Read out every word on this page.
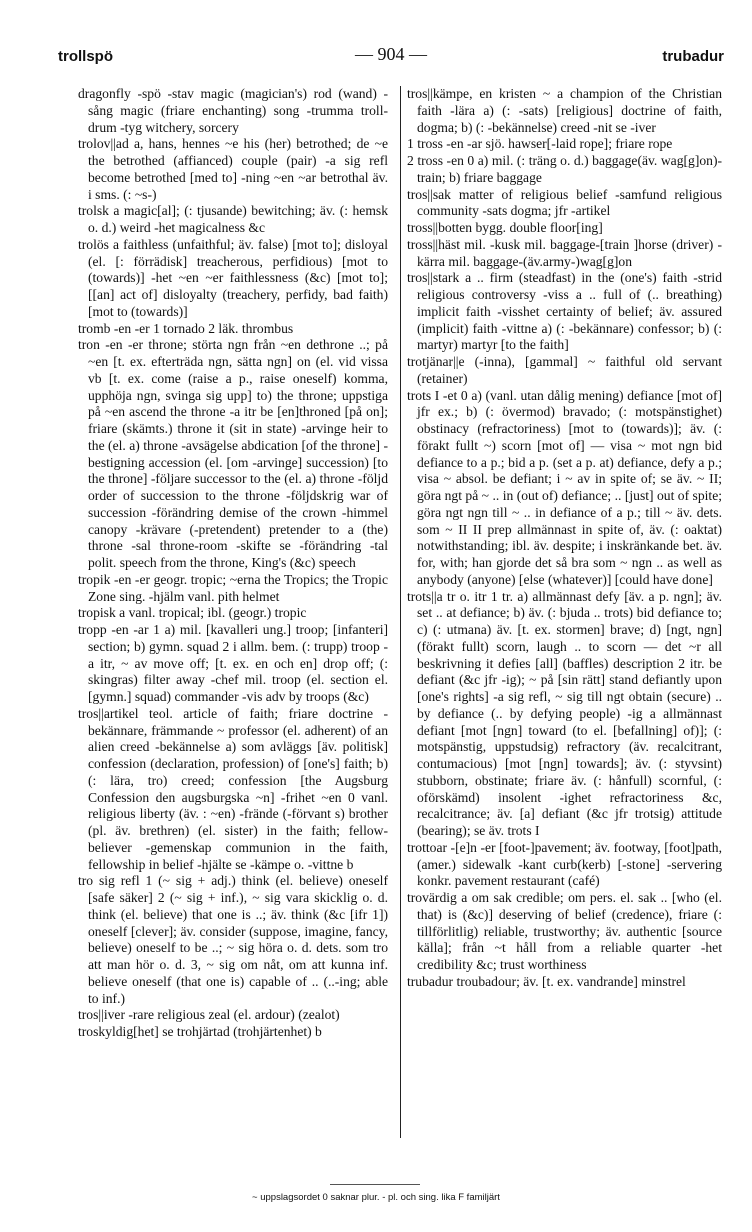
trollspö	— 904 —	trubadur

dragonfly -spö -stav magic (magician's) rod (wand) -sång magic (friare enchanting) song -trumma troll-drum -tyg witchery, sorcery

trolov||ad a, hans, hennes ~e his (her) betrothed; de ~e the betrothed (affianced) couple (pair) -a sig refl become betrothed [med to] -ning ~en ~ar betrothal äv. i sms. (: ~s-)

trolsk a magic[al]; (: tjusande) bewitching; äv. (: hemsk o. d.) weird -het magicalness &c

trolös a faithless (unfaithful; äv. false) [mot to]; disloyal (el. [: förrädisk] treacherous, perfidious) [mot to (towards)] -het ~en ~er faithlessness (&c) [mot to]; [[an] act of] disloyalty (treachery, perfidy, bad faith) [mot to (towards)]

tromb -en -er 1 tornado 2 läk. thrombus

tron -en -er throne; störta ngn från ~en dethrone ..; på ~en [t. ex. efterträda ngn, sätta ngn] on (el. vid vissa vb [t. ex. come (raise a p., raise oneself) komma, upphöja ngn, svinga sig upp] to) the throne; uppstiga på ~en ascend the throne -a itr be [en]throned [på on]; friare (skämts.) throne it (sit in state) -arvinge heir to the (el. a) throne -avsägelse abdication [of the throne] -bestigning accession (el. [om -arvinge] succession) [to the throne] -följare successor to the (el. a) throne -följd order of succession to the throne -följdskrig war of succession -förändring demise of the crown -himmel canopy -krävare (-pretendent) pretender to a (the) throne -sal throne-room -skifte se -förändring -tal polit. speech from the throne, King's (&c) speech

tropik -en -er geogr. tropic; ~erna the Tropics; the Tropic Zone sing. -hjälm vanl. pith helmet

tropisk a vanl. tropical; ibl. (geogr.) tropic

tropp -en -ar 1 a) mil. [kavalleri ung.] troop; [infanteri] section; b) gymn. squad 2 i allm. bem. (: trupp) troop -a itr, ~ av move off; [t. ex. en och en] drop off; (: skingras) filter away -chef mil. troop (el. section el. [gymn.] squad) commander -vis adv by troops (&c)

tros||artikel teol. article of faith; friare doctrine -bekännare, främmande ~ professor (el. adherent) of an alien creed -bekännelse a) som avläggs [äv. politisk] confession (declaration, profession) of [one's] faith; b) (: lära, tro) creed; confession [the Augsburg Confession den augsburgska ~n] -frihet ~en 0 vanl. religious liberty (äv. : ~en) -frände (-förvant s) brother (pl. äv. brethren) (el. sister) in the faith; fellow-believer -gemenskap communion in the faith, fellowship in belief -hjälte se -kämpe o. -vittne b

tro sig refl 1 (~ sig + adj.) think (el. believe) oneself [safe säker] 2 (~ sig + inf.), ~ sig vara skicklig o. d. think (el. believe) that one is ..; äv. think (&c [ifr 1]) oneself [clever]; äv. consider (suppose, imagine, fancy, believe) oneself to be ..; ~ sig höra o. d. dets. som tro att man hör o. d. 3, ~ sig om nåt, om att kunna inf. believe oneself (that one is) capable of .. (..-ing; able to inf.)

tros||iver -rare religious zeal (el. ardour) (zealot)

troskyldig[het] se trohjärtad (trohjärtenhet) b

tros||kämpe, en kristen ~ a champion of the Christian faith -lära a) (: -sats) [religious] doctrine of faith, dogma; b) (: -bekännelse) creed -nit se -iver

1 tross -en -ar sjö. hawser[-laid rope]; friare rope

2 tross -en 0 a) mil. (: träng o. d.) baggage(äv. wag[g]on)-train; b) friare baggage

tros||sak matter of religious belief -samfund religious community -sats dogma; jfr -artikel

tross||botten bygg. double floor[ing]

tross||häst mil. -kusk mil. baggage-[train ]horse (driver) -kärra mil. baggage-(äv.army-)wag[g]on

tros||stark a .. firm (steadfast) in the (one's) faith -strid religious controversy -viss a .. full of (.. breathing) implicit faith -visshet certainty of belief; äv. assured (implicit) faith -vittne a) (: -bekännare) confessor; b) (: martyr) martyr [to the faith]

trotjänar||e (-inna), [gammal] ~ faithful old servant (retainer)

trots I -et 0 a) (vanl. utan dålig mening) defiance [mot of] jfr ex.; b) (: övermod) bravado; (: motspänstighet) obstinacy (refractoriness) [mot to (towards)]; äv. (: förakt fullt ~) scorn [mot of] — visa ~ mot ngn bid defiance to a p.; bid a p. (set a p. at) defiance, defy a p.; visa ~ absol. be defiant; i ~ av in spite of; se äv. ~ II; göra ngt på ~ .. in (out of) defiance; .. [just] out of spite; göra ngt ngn till ~ .. in defiance of a p.; till ~ äv. dets. som ~ II II prep allmännast in spite of, äv. (: oaktat) notwithstanding; ibl. äv. despite; i inskränkande bet. äv. for, with; han gjorde det så bra som ~ ngn .. as well as anybody (anyone) [else (whatever)] [could have done]

trots||a tr o. itr 1 tr. a) allmännast defy [äv. a p. ngn]; äv. set .. at defiance; b) äv. (: bjuda .. trots) bid defiance to; c) (: utmana) äv. [t. ex. stormen] brave; d) [ngt, ngn] (förakt fullt) scorn, laugh .. to scorn — det ~r all beskrivning it defies [all] (baffles) description 2 itr. be defiant (&c jfr -ig); ~ på [sin rätt] stand defiantly upon [one's rights] -a sig refl, ~ sig till ngt obtain (secure) .. by defiance (.. by defying people) -ig a allmännast defiant [mot [ngn] toward (to el. [befallning] of)]; (: motspänstig, uppstudsig) refractory (äv. recalcitrant, contumacious) [mot [ngn] towards]; äv. (: styvsint) stubborn, obstinate; friare äv. (: hånfull) scornful, (: oförskämd) insolent -ighet refractoriness &c, recalcitrance; äv. [a] defiant (&c jfr trotsig) attitude (bearing); se äv. trots I

trottoar -[e]n -er [foot-]pavement; äv. footway, [foot]path, (amer.) sidewalk -kant curb(kerb) [-stone] -servering konkr. pavement restaurant (café)

trovärdig a om sak credible; om pers. el. sak .. [who (el. that) is (&c)] deserving of belief (credence), friare (: tillförlitlig) reliable, trustworthy; äv. authentic [source källa]; från ~t håll from a reliable quarter -het credibility &c; trust worthiness

trubadur troubadour; äv. [t. ex. vandrande] minstrel

~ uppslagsordet 0 saknar plur. - pl. och sing. lika F familjärt
